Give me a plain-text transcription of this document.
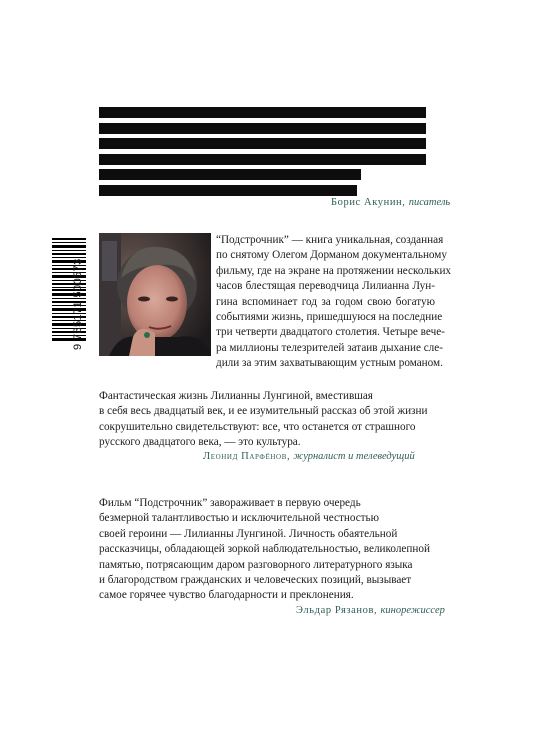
Борис Акунин, писатель
9 785171 500573
“Подстрочник” — книга уникальная, созданная
по снятому Олегом Дорманом документальному
фильму, где на экране на протяжении нескольких
часов блестящая переводчица Лилианна Лун-
гина вспоминает год за годом свою богатую
событиями жизнь, пришедшуюся на последние
три четверти двадцатого столетия. Четыре вече-
ра миллионы телезрителей затаив дыхание сле-
дили за этим захватывающим устным романом.
Фантастическая жизнь Лилианны Лунгиной, вместившая
в себя весь двадцатый век, и ее изумительный рассказ об этой жизни
сокрушительно свидетельствуют: все, что останется от страшного
русского двадцатого века, — это культура.
Леонид Парфёнов, журналист и телеведущий
Фильм “Подстрочник” завораживает в первую очередь
безмерной талантливостью и исключительной честностью
своей героини — Лилианны Лунгиной. Личность обаятельной
рассказчицы, обладающей зоркой наблюдательностью, великолепной
памятью, потрясающим даром разговорного литературного языка
и благородством гражданских и человеческих позиций, вызывает
самое горячее чувство благодарности и преклонения.
Эльдар Рязанов, кинорежиссер
